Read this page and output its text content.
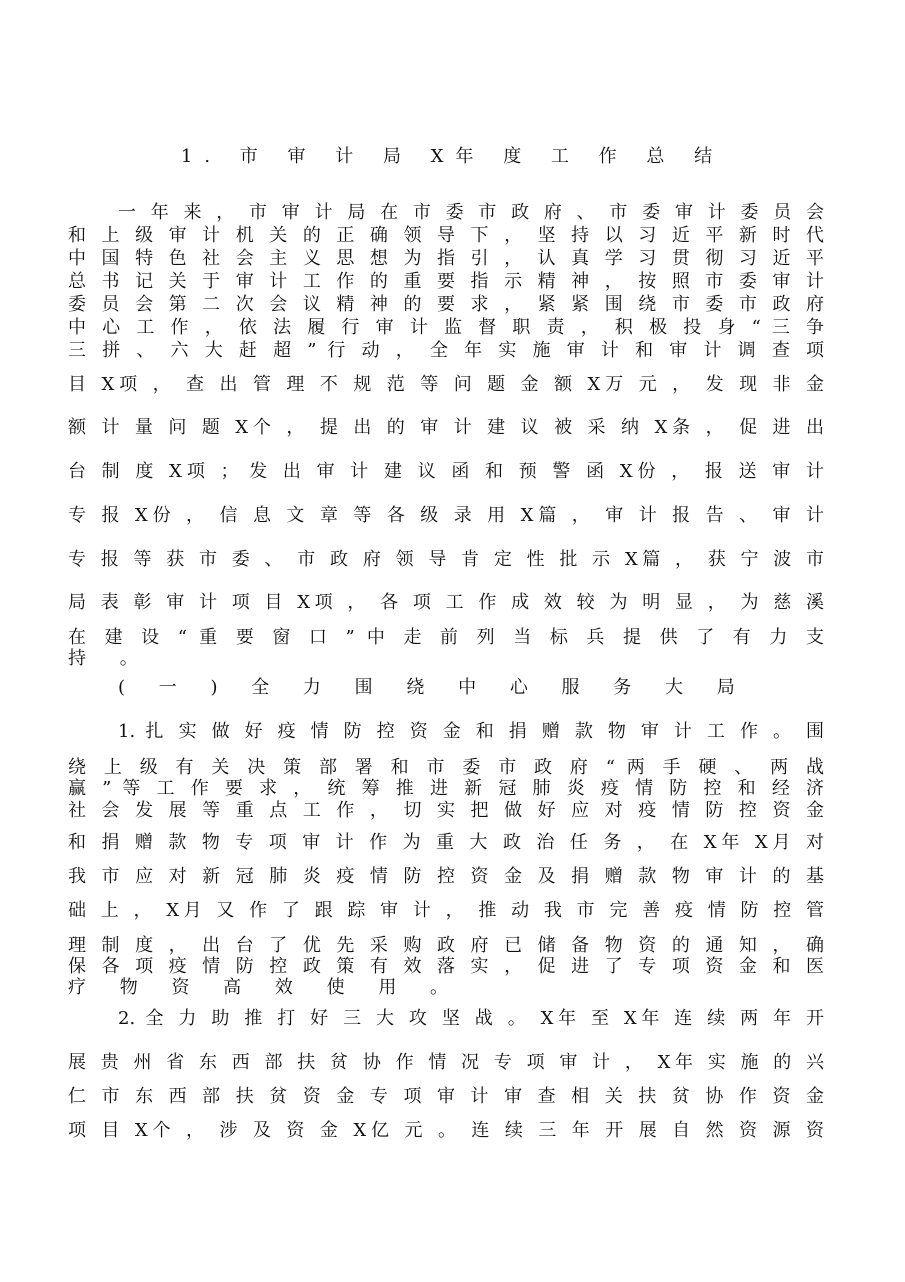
1. 市 审 计 局 X年 度 工 作 总 结
一 年 来 ， 市 审 计 局 在 市 委 市 政 府 、 市 委 审 计 委 员 会
和 上 级 审 计 机 关 的 正 确 领 导 下 ， 坚 持 以 习 近 平 新 时 代
中 国 特 色 社 会 主 义 思 想 为 指 引 ， 认 真 学 习 贯 彻 习 近 平
总 书 记 关 于 审 计 工 作 的 重 要 指 示 精 神 ， 按 照 市 委 审 计
委 员 会 第 二 次 会 议 精 神 的 要 求 ， 紧 紧 围 绕 市 委 市 政 府
中 心 工 作 ， 依 法 履 行 审 计 监 督 职 责 ， 积 极 投 身 “ 三 争
三 拼 、 六 大 赶 超 ” 行 动 ， 全 年 实 施 审 计 和 审 计 调 查 项
目 X项 ， 查 出 管 理 不 规 范 等 问 题 金 额 X万 元 ， 发 现 非 金
额 计 量 问 题 X个 ， 提 出 的 审 计 建 议 被 采 纳 X条 ， 促 进 出
台 制 度 X项 ； 发 出 审 计 建 议 函 和 预 警 函 X份 ， 报 送 审 计
专 报 X份 ， 信 息 文 章 等 各 级 录 用 X篇 ， 审 计 报 告 、 审 计
专 报 等 获 市 委 、 市 政 府 领 导 肯 定 性 批 示 X篇 ， 获 宁 波 市
局 表 彰 审 计 项 目 X项 ， 各 项 工 作 成 效 较 为 明 显 ， 为 慈 溪
在 建 设 “ 重 要 窗 口 ” 中 走 前 列 当 标 兵 提 供 了 有 力 支
持 。
( 一 ) 全 力 围 绕 中 心 服 务 大 局
1. 扎 实 做 好 疫 情 防 控 资 金 和 捐 赠 款 物 审 计 工 作 。 围
绕 上 级 有 关 决 策 部 署 和 市 委 市 政 府 “ 两 手 硬 、 两 战
赢 ” 等 工 作 要 求 ， 统 筹 推 进 新 冠 肺 炎 疫 情 防 控 和 经 济
社 会 发 展 等 重 点 工 作 ， 切 实 把 做 好 应 对 疫 情 防 控 资 金
和 捐 赠 款 物 专 项 审 计 作 为 重 大 政 治 任 务 ， 在 X年 X月 对
我 市 应 对 新 冠 肺 炎 疫 情 防 控 资 金 及 捐 赠 款 物 审 计 的 基
础 上 ， X月 又 作 了 跟 踪 审 计 ， 推 动 我 市 完 善 疫 情 防 控 管
理 制 度 ， 出 台 了 优 先 采 购 政 府 已 储 备 物 资 的 通 知 ， 确
保 各 项 疫 情 防 控 政 策 有 效 落 实 ， 促 进 了 专 项 资 金 和 医
疗 物 资 高 效 使 用 。
2. 全 力 助 推 打 好 三 大 攻 坚 战 。 X年 至 X年 连 续 两 年 开
展 贵 州 省 东 西 部 扶 贫 协 作 情 况 专 项 审 计 ， X年 实 施 的 兴
仁 市 东 西 部 扶 贫 资 金 专 项 审 计 审 查 相 关 扶 贫 协 作 资 金
项 目 X个 ， 涉 及 资 金 X亿 元 。 连 续 三 年 开 展 自 然 资 源 资
